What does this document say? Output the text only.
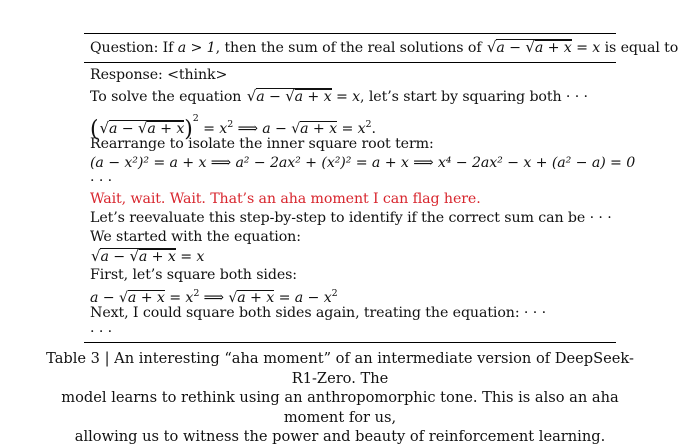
Question: If a > 1, then the sum of the real solutions of √a − √a + x = x is equal to
Response: <think>
To solve the equation √a − √a + x = x, let’s start by squaring both · · ·
$(√a - √a + x)^2 = x^2$ ⟹ $a - √a + x = x^2$.
Rearrange to isolate the inner square root term:
(a − x²)² = a + x ⟹ a² − 2ax² + (x²)² = a + x ⟹ x⁴ − 2ax² − x + (a² − a) = 0
· · ·
Wait, wait. Wait. That’s an aha moment I can flag here.
Let’s reevaluate this step-by-step to identify if the correct sum can be · · ·
We started with the equation:
√a − √a + x = x
First, let’s square both sides:
$a - √a + x = x^2$ ⟹ $√a + x = a - x^2$
Next, I could square both sides again, treating the equation: · · ·
· · ·
Table 3 | An interesting “aha moment” of an intermediate version of DeepSeek-R1-Zero. The
model learns to rethink using an anthropomorphic tone. This is also an aha moment for us,
allowing us to witness the power and beauty of reinforcement learning.
